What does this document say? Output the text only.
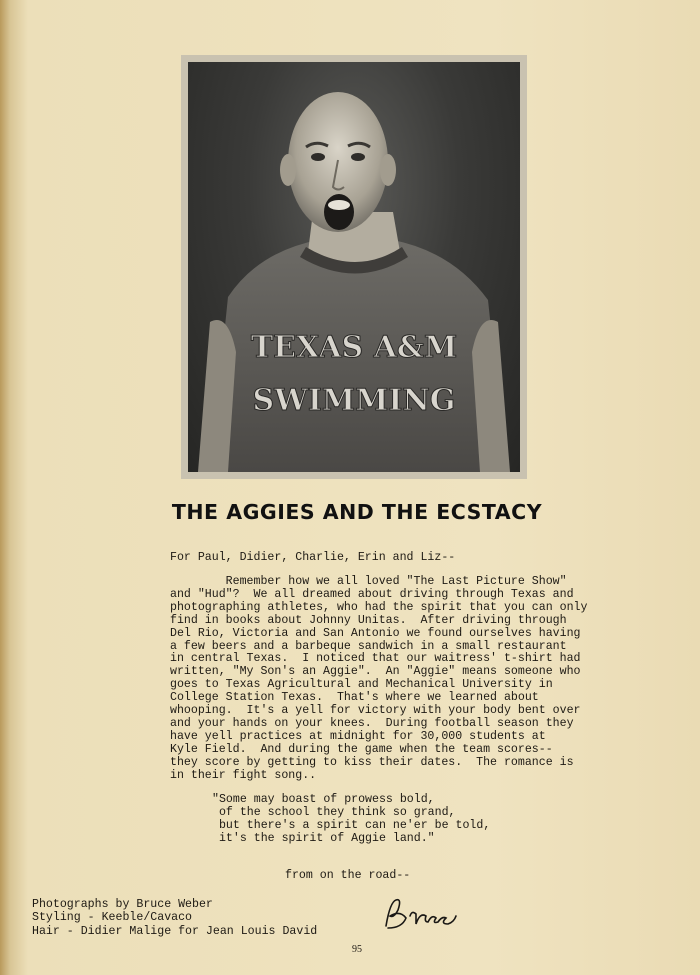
TEXAS A&M
SWIMMING
THE AGGIES AND THE ECSTACY
For Paul, Didier, Charlie, Erin and Liz--
Remember how we all loved "The Last Picture Show"
and "Hud"?  We all dreamed about driving through Texas and
photographing athletes, who had the spirit that you can only
find in books about Johnny Unitas.  After driving through
Del Rio, Victoria and San Antonio we found ourselves having
a few beers and a barbeque sandwich in a small restaurant
in central Texas.  I noticed that our waitress' t-shirt had
written, "My Son's an Aggie".  An "Aggie" means someone who
goes to Texas Agricultural and Mechanical University in
College Station Texas.  That's where we learned about
whooping.  It's a yell for victory with your body bent over
and your hands on your knees.  During football season they
have yell practices at midnight for 30,000 students at
Kyle Field.  And during the game when the team scores--
they score by getting to kiss their dates.  The romance is
in their fight song..
"Some may boast of prowess bold,
of the school they think so grand,
but there's a spirit can ne'er be told,
it's the spirit of Aggie land."
from on the road--
Photographs by Bruce Weber
Styling - Keeble/Cavaco
Hair - Didier Malige for Jean Louis David
95
